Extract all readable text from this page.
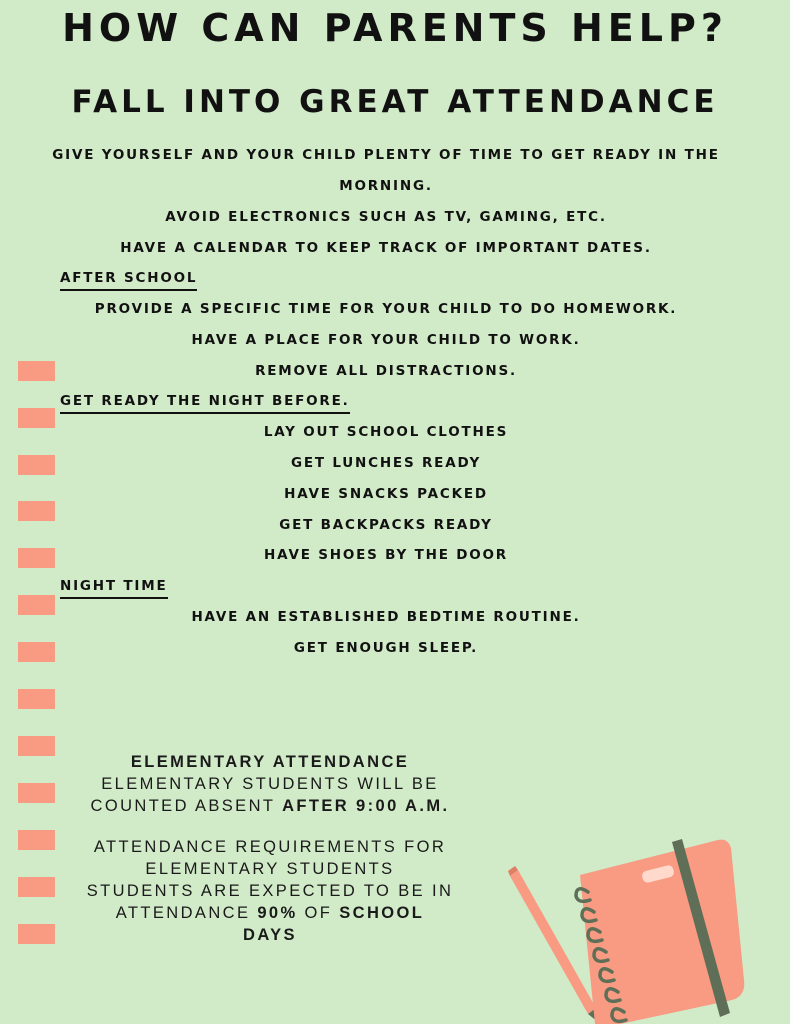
HOW CAN PARENTS HELP?
FALL INTO GREAT ATTENDANCE
GIVE YOURSELF AND YOUR CHILD PLENTY OF TIME TO GET READY IN THE
MORNING.
AVOID ELECTRONICS SUCH AS TV, GAMING, ETC.
HAVE A CALENDAR TO KEEP TRACK OF IMPORTANT DATES.
AFTER SCHOOL
PROVIDE A SPECIFIC TIME FOR YOUR CHILD TO DO HOMEWORK.
HAVE A PLACE FOR YOUR CHILD TO WORK.
REMOVE ALL DISTRACTIONS.
GET READY THE NIGHT BEFORE.
LAY OUT SCHOOL CLOTHES
GET LUNCHES READY
HAVE SNACKS PACKED
GET BACKPACKS READY
HAVE SHOES BY THE DOOR
NIGHT TIME
HAVE AN ESTABLISHED BEDTIME ROUTINE.
GET ENOUGH SLEEP.
ELEMENTARY ATTENDANCE
ELEMENTARY STUDENTS WILL BE
COUNTED ABSENT AFTER 9:00 A.M.
ATTENDANCE REQUIREMENTS FOR
ELEMENTARY STUDENTS
STUDENTS ARE EXPECTED TO BE IN
ATTENDANCE 90% OF SCHOOL
DAYS
